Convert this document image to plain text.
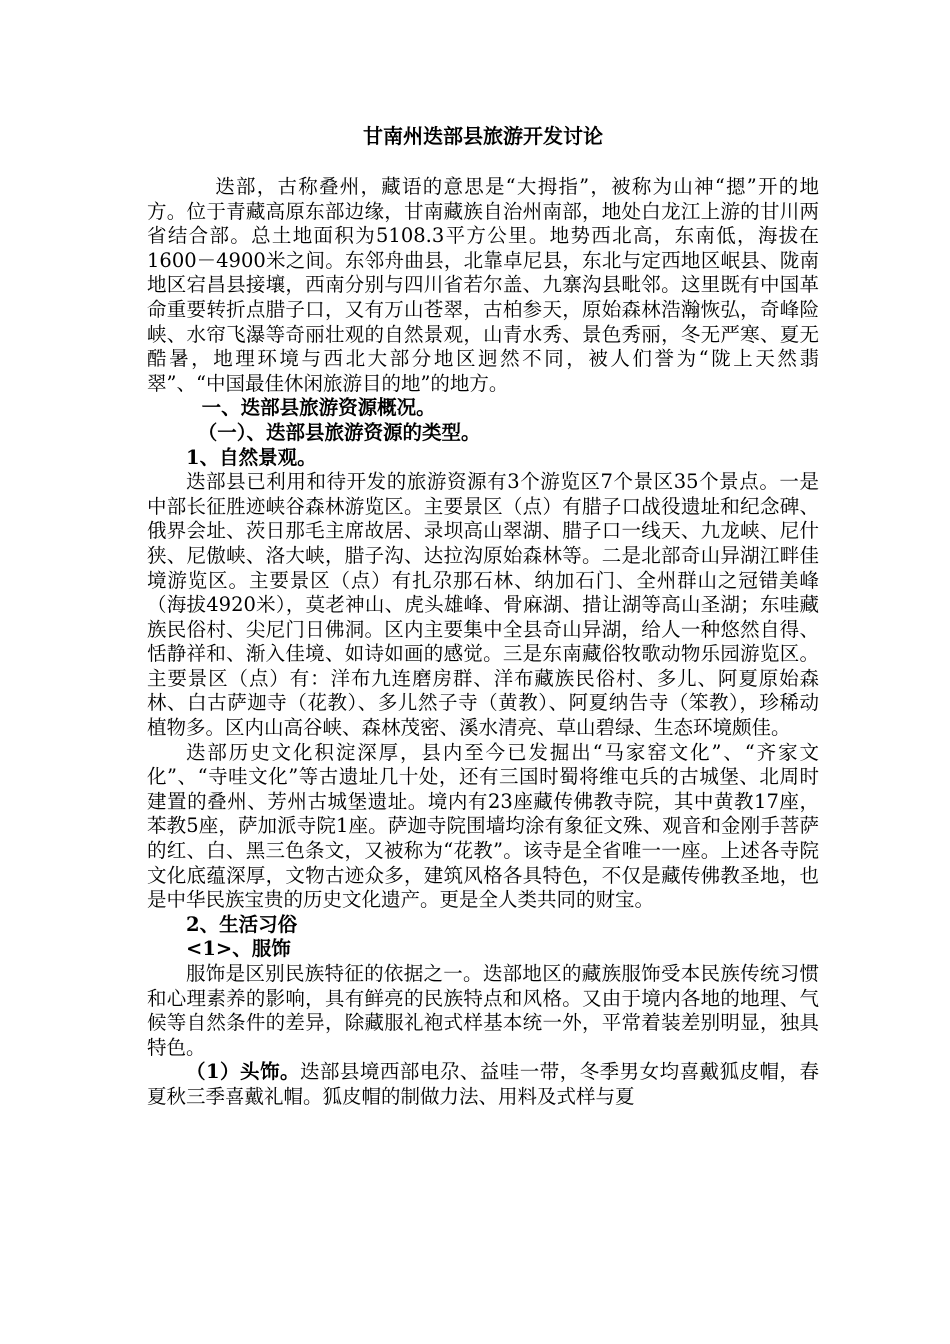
甘南州迭部县旅游开发讨论

迭部，古称叠州，藏语的意思是“大拇指”，被称为山神“摁”开的地方。位于青藏高原东部边缘，甘南藏族自治州南部，地处白龙江上游的甘川两省结合部。总土地面积为5108.3平方公里。地势西北高，东南低，海拔在1600－4900米之间。东邻舟曲县，北靠卓尼县，东北与定西地区岷县、陇南地区宕昌县接壤，西南分别与四川省若尔盖、九寨沟县毗邻。这里既有中国革命重要转折点腊子口，又有万山苍翠，古柏参天，原始森林浩瀚恢弘，奇峰险峡、水帘飞瀑等奇丽壮观的自然景观，山青水秀、景色秀丽，冬无严寒、夏无酷暑，地理环境与西北大部分地区迥然不同，被人们誉为“陇上天然翡翠”、“中国最佳休闲旅游目的地”的地方。

一、迭部县旅游资源概况。

（一）、迭部县旅游资源的类型。

1、自然景观。

迭部县已利用和待开发的旅游资源有3个游览区7个景区35个景点。一是中部长征胜迹峡谷森林游览区。主要景区（点）有腊子口战役遗址和纪念碑、俄界会址、茨日那毛主席故居、录坝高山翠湖、腊子口一线天、九龙峡、尼什狭、尼傲峡、洛大峡，腊子沟、达拉沟原始森林等。二是北部奇山异湖江畔佳境游览区。主要景区（点）有扎尕那石林、纳加石门、全州群山之冠错美峰（海拔4920米），莫老神山、虎头雄峰、骨麻湖、措让湖等高山圣湖；东哇藏族民俗村、尖尼门日佛洞。区内主要集中全县奇山异湖，给人一种悠然自得、恬静祥和、渐入佳境、如诗如画的感觉。三是东南藏俗牧歌动物乐园游览区。主要景区（点）有：洋布九连磨房群、洋布藏族民俗村、多儿、阿夏原始森林、白古萨迦寺（花教）、多儿然子寺（黄教）、阿夏纳告寺（笨教），珍稀动植物多。区内山高谷峡、森林茂密、溪水清亮、草山碧绿、生态环境颇佳。

迭部历史文化积淀深厚，县内至今已发掘出“马家窑文化”、“齐家文化”、“寺哇文化”等古遗址几十处，还有三国时蜀将维屯兵的古城堡、北周时建置的叠州、芳州古城堡遗址。境内有23座藏传佛教寺院，其中黄教17座，苯教5座，萨加派寺院1座。萨迦寺院围墙均涂有象征文殊、观音和金刚手菩萨的红、白、黑三色条文，又被称为“花教”。该寺是全省唯一一座。上述各寺院文化底蕴深厚，文物古迹众多，建筑风格各具特色，不仅是藏传佛教圣地，也是中华民族宝贵的历史文化遗产。更是全人类共同的财宝。

2、生活习俗

<1>、服饰

服饰是区别民族特征的依据之一。迭部地区的藏族服饰受本民族传统习惯和心理素养的影响，具有鲜亮的民族特点和风格。又由于境内各地的地理、气候等自然条件的差异，除藏服礼袍式样基本统一外，平常着装差别明显，独具特色。

（1）头饰。迭部县境西部电尕、益哇一带，冬季男女均喜戴狐皮帽，春夏秋三季喜戴礼帽。狐皮帽的制做力法、用料及式样与夏
